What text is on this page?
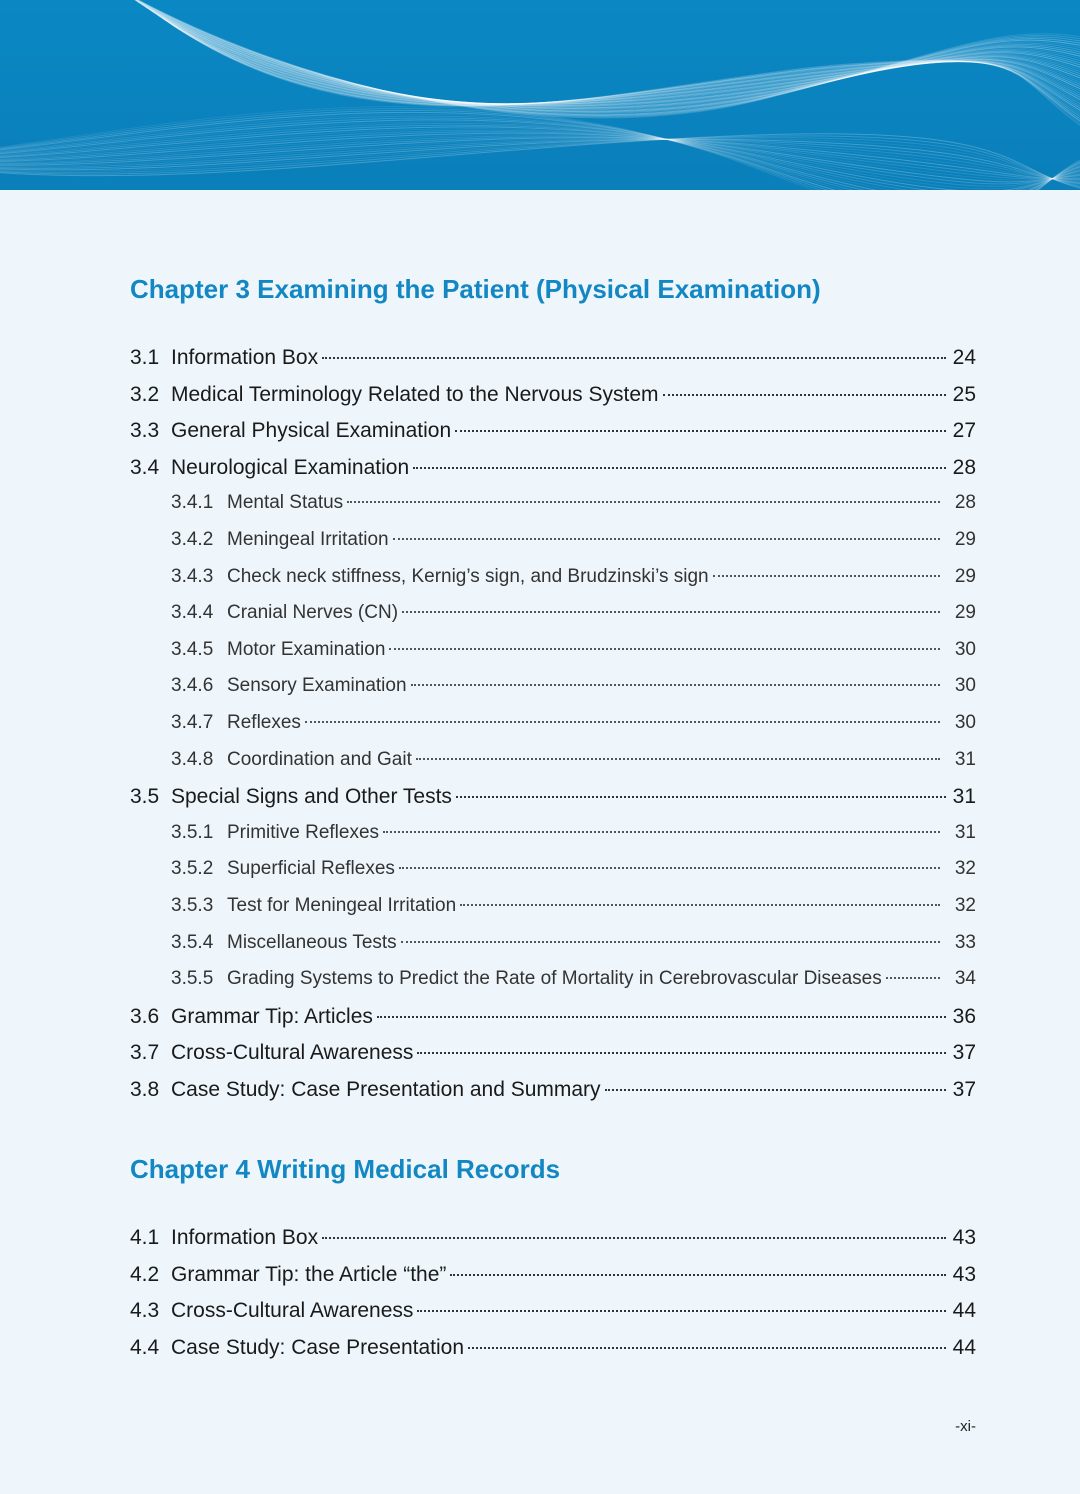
Chapter 3 Examining the Patient (Physical Examination)
3.1 Information Box	24
3.2 Medical Terminology Related to the Nervous System	25
3.3 General Physical Examination	27
3.4 Neurological Examination	28
3.4.1 Mental Status	28
3.4.2 Meningeal Irritation	29
3.4.3 Check neck stiffness, Kernig’s sign, and Brudzinski’s sign	29
3.4.4 Cranial Nerves (CN)	29
3.4.5 Motor Examination	30
3.4.6 Sensory Examination	30
3.4.7 Reflexes	30
3.4.8 Coordination and Gait	31
3.5 Special Signs and Other Tests	31
3.5.1 Primitive Reflexes	31
3.5.2 Superficial Reflexes	32
3.5.3 Test for Meningeal Irritation	32
3.5.4 Miscellaneous Tests	33
3.5.5 Grading Systems to Predict the Rate of Mortality in Cerebrovascular Diseases	34
3.6 Grammar Tip: Articles	36
3.7 Cross-Cultural Awareness	37
3.8 Case Study: Case Presentation and Summary	37
Chapter 4 Writing Medical Records
4.1 Information Box	43
4.2 Grammar Tip: the Article “the”	43
4.3 Cross-Cultural Awareness	44
4.4 Case Study: Case Presentation	44
-xi-
